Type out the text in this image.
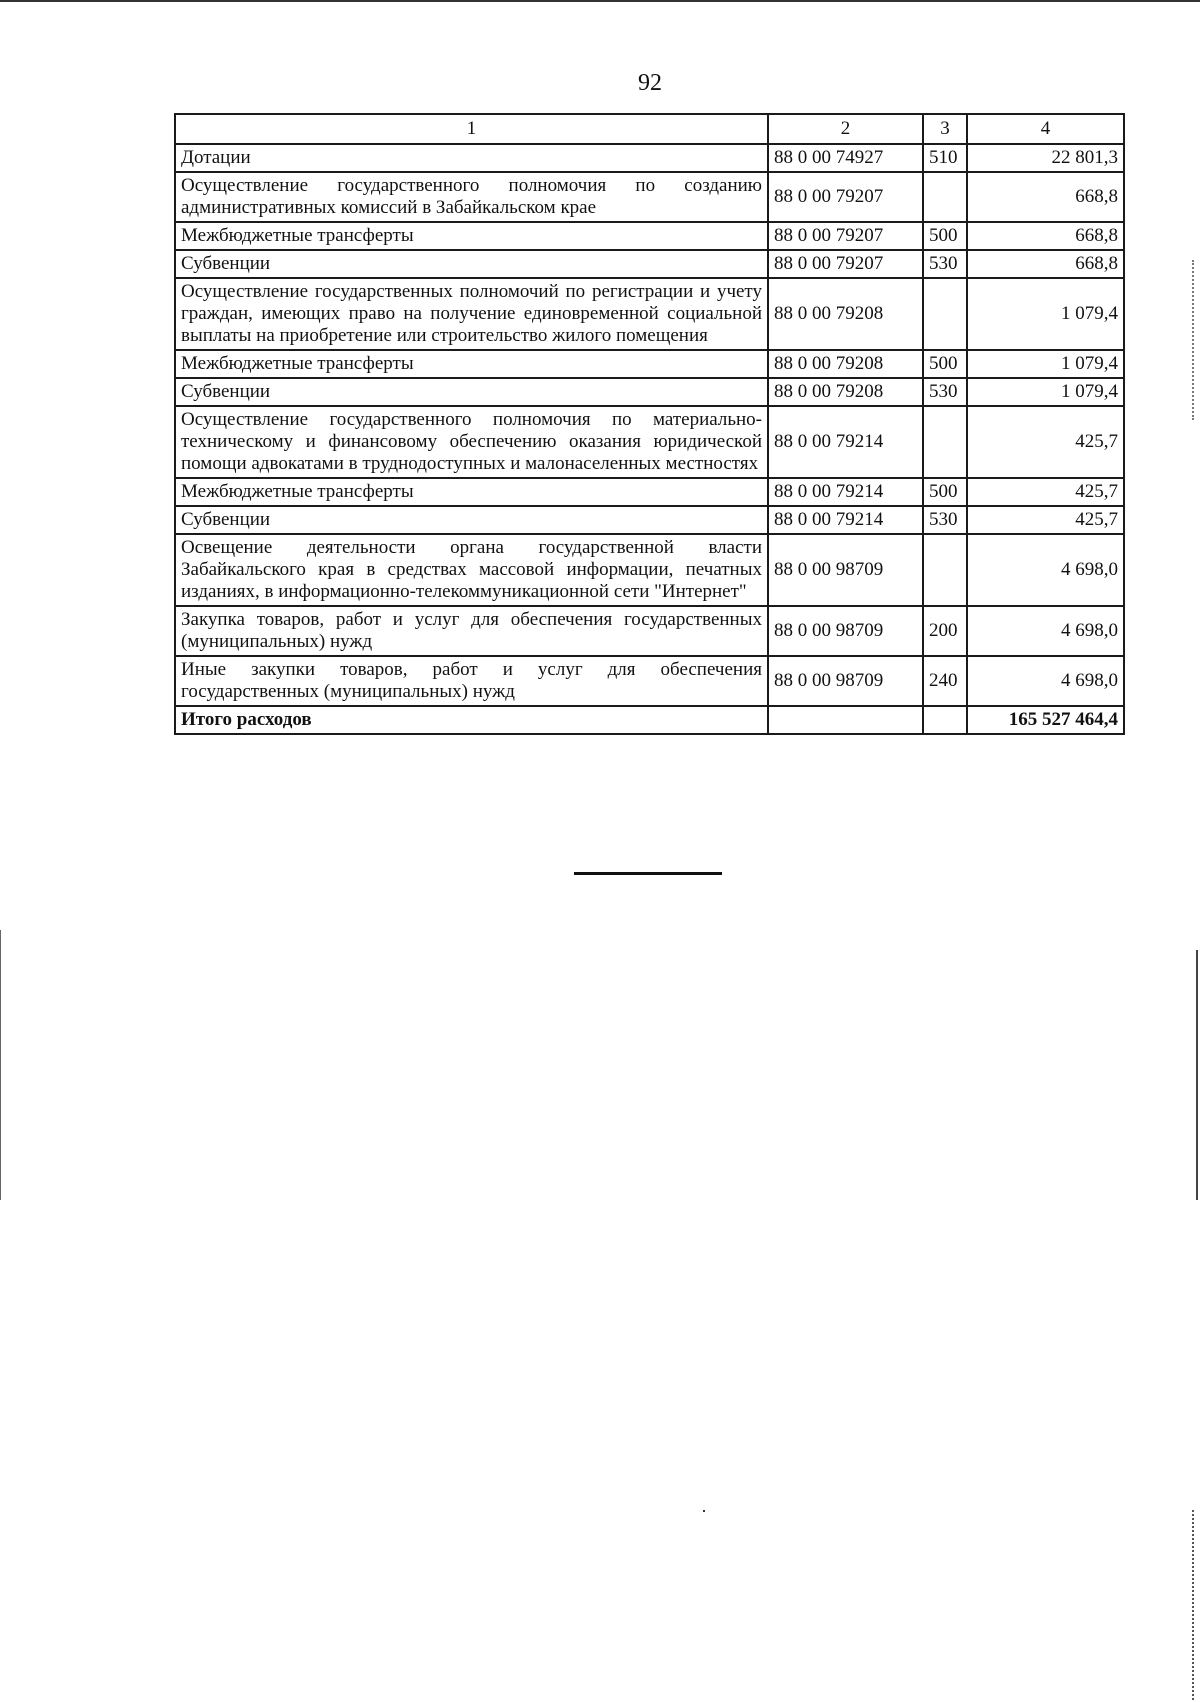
92
1	2	3	4
Дотации	88 0 00 74927	510	22 801,3
Осуществление государственного полномочия по созданию административных комиссий в Забайкальском крае	88 0 00 79207		668,8
Межбюджетные трансферты	88 0 00 79207	500	668,8
Субвенции	88 0 00 79207	530	668,8
Осуществление государственных полномочий по регистрации и учету граждан, имеющих право на получение единовременной социальной выплаты на приобретение или строительство жилого помещения	88 0 00 79208		1 079,4
Межбюджетные трансферты	88 0 00 79208	500	1 079,4
Субвенции	88 0 00 79208	530	1 079,4
Осуществление государственного полномочия по материально-техническому и финансовому обеспечению оказания юридической помощи адвокатами в труднодоступных и малонаселенных местностях	88 0 00 79214		425,7
Межбюджетные трансферты	88 0 00 79214	500	425,7
Субвенции	88 0 00 79214	530	425,7
Освещение деятельности органа государственной власти Забайкальского края в средствах массовой информации, печатных изданиях, в информационно-телекоммуникационной сети "Интернет"	88 0 00 98709		4 698,0
Закупка товаров, работ и услуг для обеспечения государственных (муниципальных) нужд	88 0 00 98709	200	4 698,0
Иные закупки товаров, работ и услуг для обеспечения государственных (муниципальных) нужд	88 0 00 98709	240	4 698,0
Итого расходов			165 527 464,4
